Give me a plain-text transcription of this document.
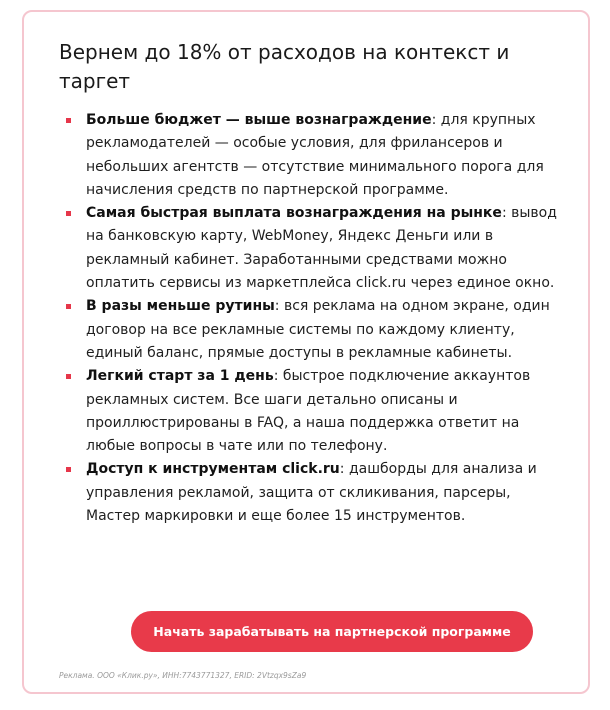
Вернем до 18% от расходов на контекст и таргет
Больше бюджет — выше вознаграждение: для крупных рекламодателей — особые условия, для фрилансеров и небольших агентств — отсутствие минимального порога для начисления средств по партнерской программе.
Самая быстрая выплата вознаграждения на рынке: вывод на банковскую карту, WebMoney, Яндекс Деньги или в рекламный кабинет. Заработанными средствами можно оплатить сервисы из маркетплейса click.ru через единое окно.
В разы меньше рутины: вся реклама на одном экране, один договор на все рекламные системы по каждому клиенту, единый баланс, прямые доступы в рекламные кабинеты.
Легкий старт за 1 день: быстрое подключение аккаунтов рекламных систем. Все шаги детально описаны и проиллюстрированы в FAQ, а наша поддержка ответит на любые вопросы в чате или по телефону.
Доступ к инструментам click.ru: дашборды для анализа и управления рекламой, защита от скликивания, парсеры, Мастер маркировки и еще более 15 инструментов.
Начать зарабатывать на партнерской программе

Реклама. ООО «Клик.ру», ИНН:7743771327, ERID: 2Vtzqx9sZa9
